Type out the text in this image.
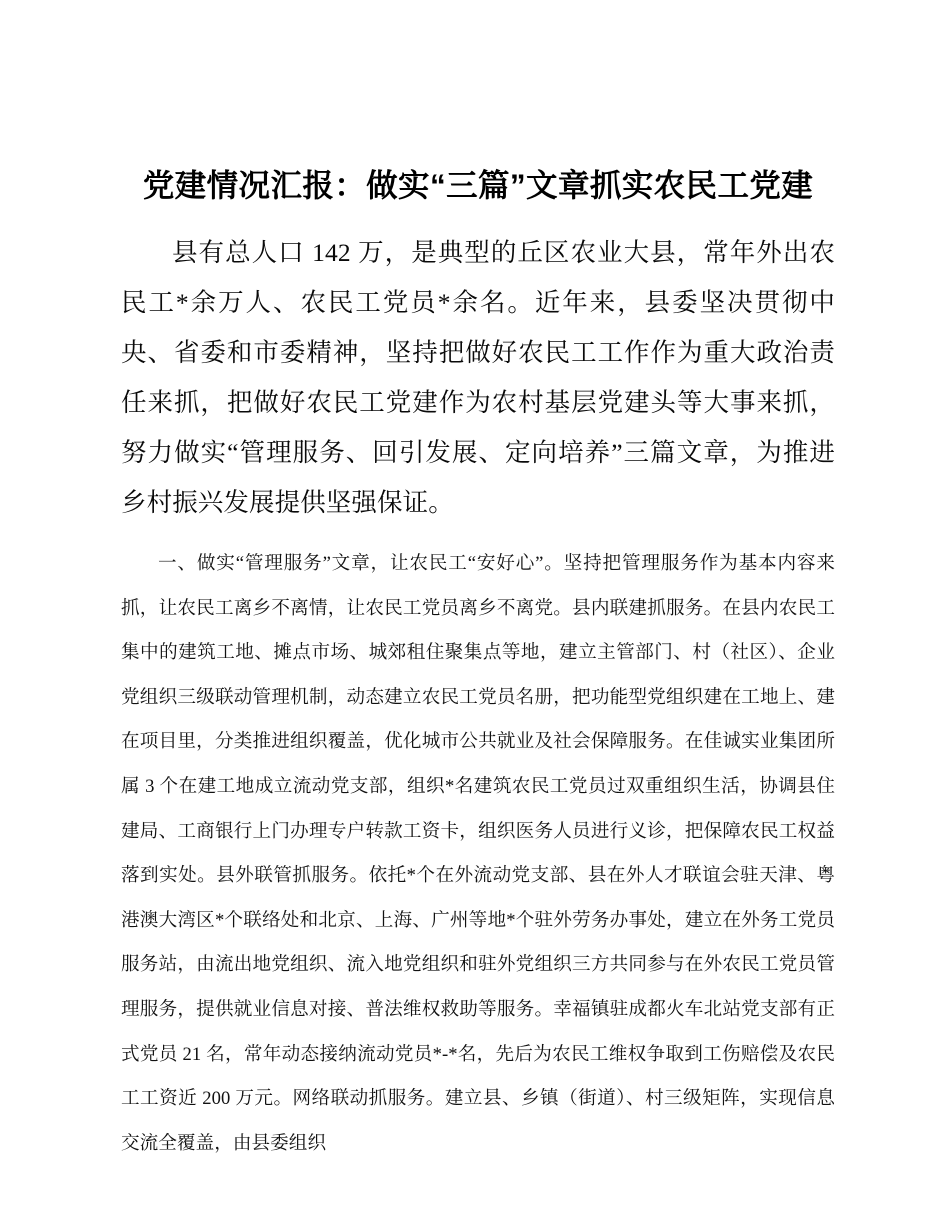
党建情况汇报：做实“三篇”文章抓实农民工党建

县有总人口 142 万，是典型的丘区农业大县，常年外出农民工*余万人、农民工党员*余名。近年来，县委坚决贯彻中央、省委和市委精神，坚持把做好农民工工作作为重大政治责任来抓，把做好农民工党建作为农村基层党建头等大事来抓，努力做实“管理服务、回引发展、定向培养”三篇文章，为推进乡村振兴发展提供坚强保证。

一、做实“管理服务”文章，让农民工“安好心”。坚持把管理服务作为基本内容来抓，让农民工离乡不离情，让农民工党员离乡不离党。县内联建抓服务。在县内农民工集中的建筑工地、摊点市场、城郊租住聚集点等地，建立主管部门、村（社区）、企业党组织三级联动管理机制，动态建立农民工党员名册，把功能型党组织建在工地上、建在项目里，分类推进组织覆盖，优化城市公共就业及社会保障服务。在佳诚实业集团所属 3 个在建工地成立流动党支部，组织*名建筑农民工党员过双重组织生活，协调县住建局、工商银行上门办理专户转款工资卡，组织医务人员进行义诊，把保障农民工权益落到实处。县外联管抓服务。依托*个在外流动党支部、县在外人才联谊会驻天津、粤港澳大湾区*个联络处和北京、上海、广州等地*个驻外劳务办事处，建立在外务工党员服务站，由流出地党组织、流入地党组织和驻外党组织三方共同参与在外农民工党员管理服务，提供就业信息对接、普法维权救助等服务。幸福镇驻成都火车北站党支部有正式党员 21 名，常年动态接纳流动党员*-*名，先后为农民工维权争取到工伤赔偿及农民工工资近 200 万元。网络联动抓服务。建立县、乡镇（街道）、村三级矩阵，实现信息交流全覆盖，由县委组织
